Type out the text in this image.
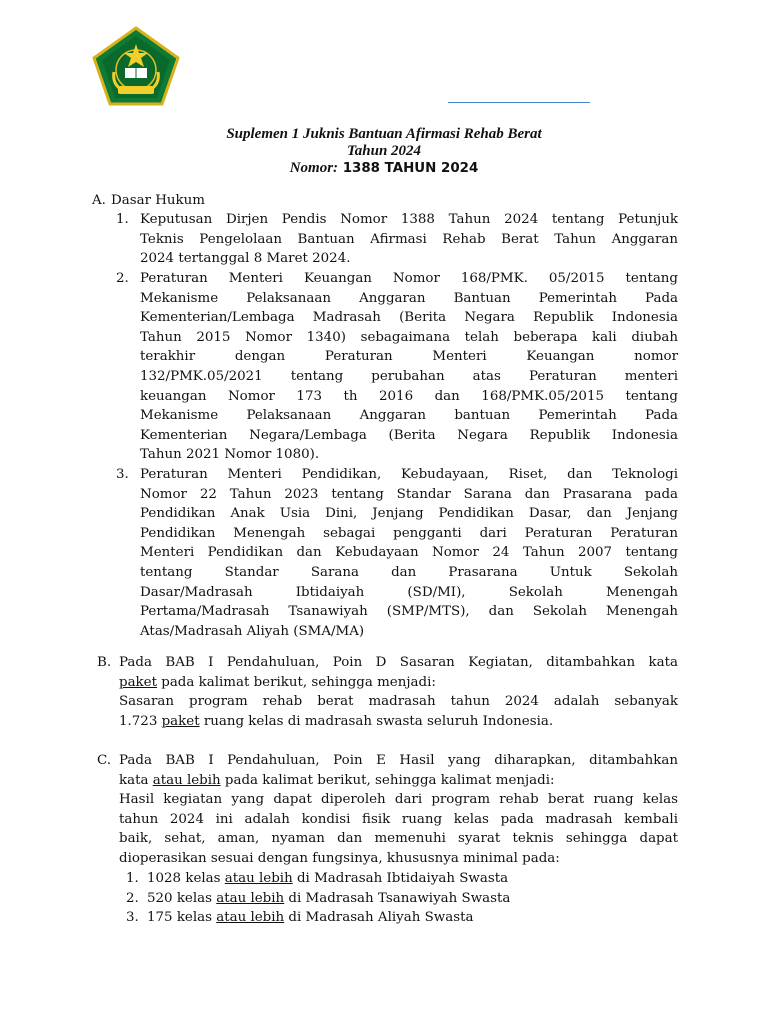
Suplemen 1 Juknis Bantuan Afirmasi Rehab Berat
Tahun 2024
Nomor: 1388 TAHUN 2024
A. Dasar Hukum
1. Keputusan Dirjen Pendis Nomor 1388 Tahun 2024 tentang Petunjuk
Teknis Pengelolaan Bantuan Afirmasi Rehab Berat Tahun Anggaran
2024 tertanggal 8 Maret 2024.
2. Peraturan Menteri Keuangan Nomor 168/PMK. 05/2015 tentang
Mekanisme Pelaksanaan Anggaran Bantuan Pemerintah Pada
Kementerian/Lembaga Madrasah (Berita Negara Republik Indonesia
Tahun 2015 Nomor 1340) sebagaimana telah beberapa kali diubah
terakhir dengan Peraturan Menteri Keuangan nomor
132/PMK.05/2021 tentang perubahan atas Peraturan menteri
keuangan Nomor 173 th 2016 dan 168/PMK.05/2015 tentang
Mekanisme Pelaksanaan Anggaran bantuan Pemerintah Pada
Kementerian Negara/Lembaga (Berita Negara Republik Indonesia
Tahun 2021 Nomor 1080).
3. Peraturan Menteri Pendidikan, Kebudayaan, Riset, dan Teknologi
Nomor 22 Tahun 2023 tentang Standar Sarana dan Prasarana pada
Pendidikan Anak Usia Dini, Jenjang Pendidikan Dasar, dan Jenjang
Pendidikan Menengah sebagai pengganti dari Peraturan Peraturan
Menteri Pendidikan dan Kebudayaan Nomor 24 Tahun 2007 tentang
tentang Standar Sarana dan Prasarana Untuk Sekolah
Dasar/Madrasah Ibtidaiyah (SD/MI), Sekolah Menengah
Pertama/Madrasah Tsanawiyah (SMP/MTS), dan Sekolah Menengah
Atas/Madrasah Aliyah (SMA/MA)
B. Pada BAB I Pendahuluan, Poin D Sasaran Kegiatan, ditambahkan kata
paket pada kalimat berikut, sehingga menjadi:
Sasaran program rehab berat madrasah tahun 2024 adalah sebanyak
1.723 paket ruang kelas di madrasah swasta seluruh Indonesia.
C. Pada BAB I Pendahuluan, Poin E Hasil yang diharapkan, ditambahkan
kata atau lebih pada kalimat berikut, sehingga kalimat menjadi:
Hasil kegiatan yang dapat diperoleh dari program rehab berat ruang kelas
tahun 2024 ini adalah kondisi fisik ruang kelas pada madrasah kembali
baik, sehat, aman, nyaman dan memenuhi syarat teknis sehingga dapat
dioperasikan sesuai dengan fungsinya, khususnya minimal pada:
1. 1028 kelas atau lebih di Madrasah Ibtidaiyah Swasta
2. 520 kelas atau lebih di Madrasah Tsanawiyah Swasta
3. 175 kelas atau lebih di Madrasah Aliyah Swasta
